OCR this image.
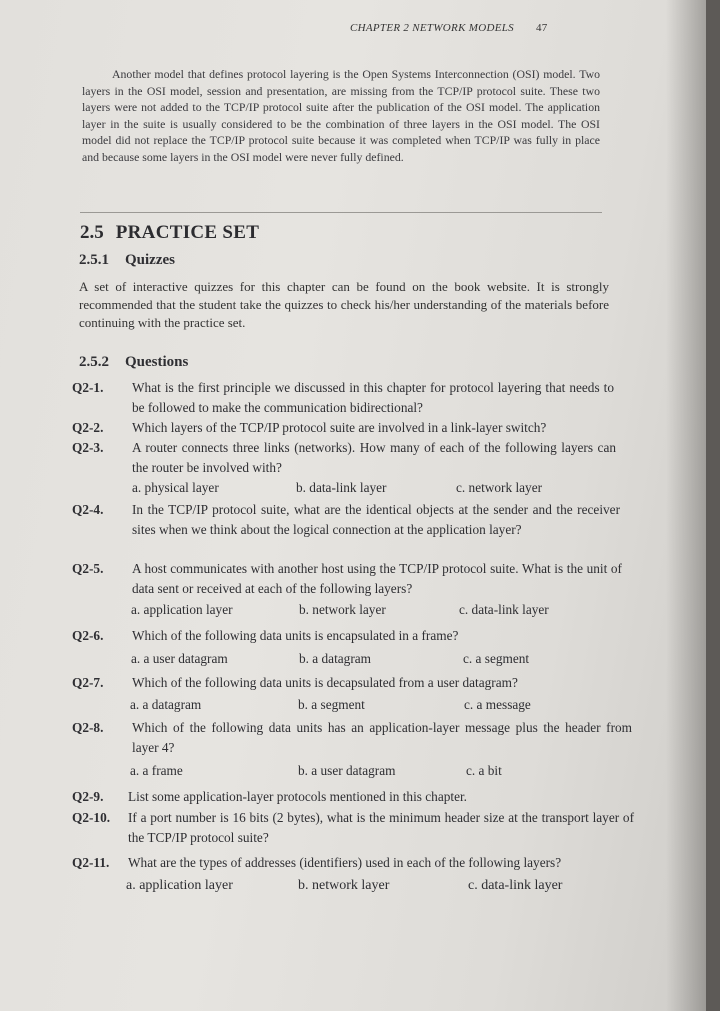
CHAPTER 2 NETWORK MODELS 47
Another model that defines protocol layering is the Open Systems Interconnection (OSI) model. Two layers in the OSI model, session and presentation, are missing from the TCP/IP protocol suite. These two layers were not added to the TCP/IP protocol suite after the publication of the OSI model. The application layer in the suite is usually considered to be the combination of three layers in the OSI model. The OSI model did not replace the TCP/IP protocol suite because it was completed when TCP/IP was fully in place and because some layers in the OSI model were never fully defined.
2.5 PRACTICE SET
2.5.1 Quizzes
A set of interactive quizzes for this chapter can be found on the book website. It is strongly recommended that the student take the quizzes to check his/her understanding of the materials before continuing with the practice set.
2.5.2 Questions
Q2-1. What is the first principle we discussed in this chapter for protocol layering that needs to be followed to make the communication bidirectional?
Q2-2. Which layers of the TCP/IP protocol suite are involved in a link-layer switch?
Q2-3. A router connects three links (networks). How many of each of the following layers can the router be involved with?
a. physical layer	b. data-link layer	c. network layer
Q2-4. In the TCP/IP protocol suite, what are the identical objects at the sender and the receiver sites when we think about the logical connection at the application layer?
Q2-5. A host communicates with another host using the TCP/IP protocol suite. What is the unit of data sent or received at each of the following layers?
a. application layer	b. network layer	c. data-link layer
Q2-6. Which of the following data units is encapsulated in a frame?
a. a user datagram	b. a datagram	c. a segment
Q2-7. Which of the following data units is decapsulated from a user datagram?
a. a datagram	b. a segment	c. a message
Q2-8. Which of the following data units has an application-layer message plus the header from layer 4?
a. a frame	b. a user datagram	c. a bit
Q2-9. List some application-layer protocols mentioned in this chapter.
Q2-10. If a port number is 16 bits (2 bytes), what is the minimum header size at the transport layer of the TCP/IP protocol suite?
Q2-11. What are the types of addresses (identifiers) used in each of the following layers?
a. application layer	b. network layer	c. data-link layer
